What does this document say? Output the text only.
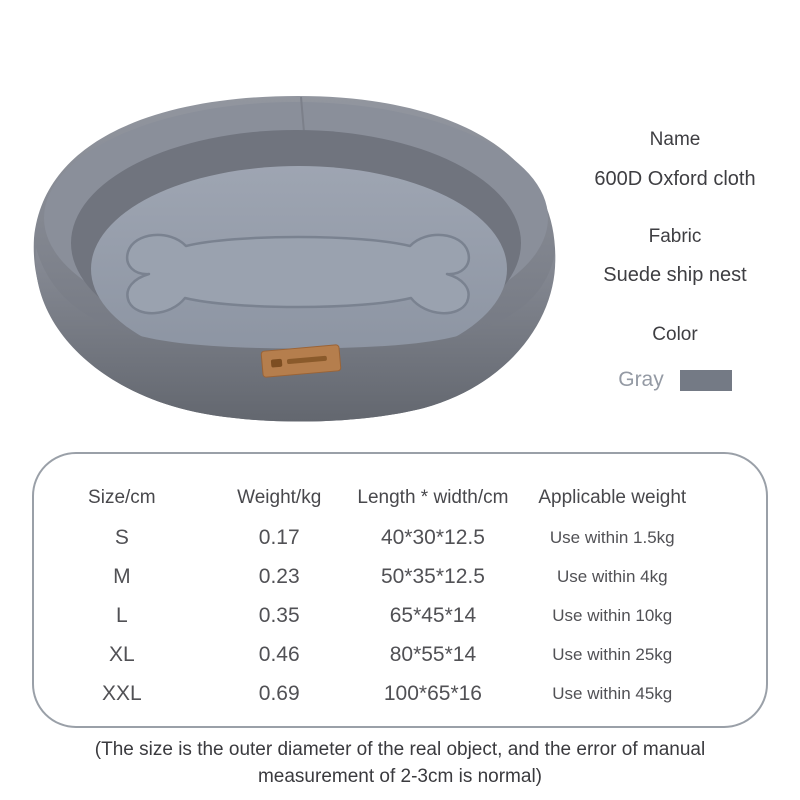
Name
600D Oxford cloth
Fabric
Suede ship nest
Color
Gray
Size/cm	Weight/kg	Length * width/cm	Applicable weight
S	0.17	40*30*12.5	Use within 1.5kg
M	0.23	50*35*12.5	Use within 4kg
L	0.35	65*45*14	Use within 10kg
XL	0.46	80*55*14	Use within 25kg
XXL	0.69	100*65*16	Use within 45kg
(The size is the outer diameter of the real object, and the error of manual measurement of 2-3cm is normal)
